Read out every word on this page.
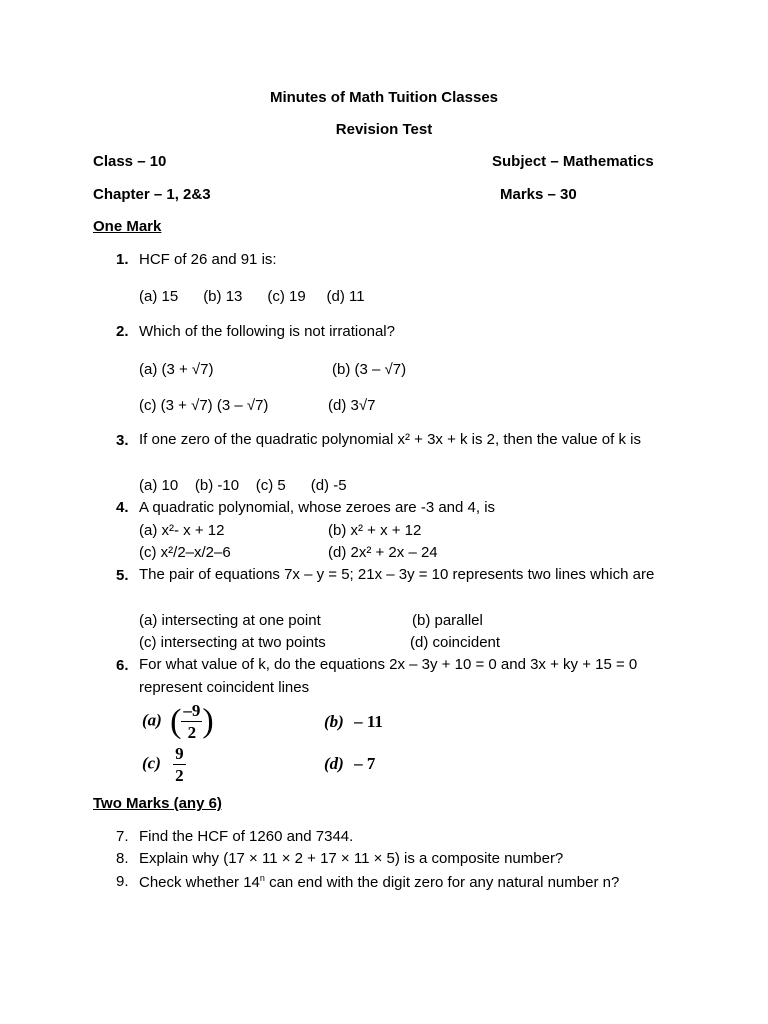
Minutes of Math Tuition Classes
Revision Test
Class – 10	Subject – Mathematics
Chapter – 1, 2&3	Marks – 30
One Mark
1. HCF of 26 and 91 is:
(a) 15      (b) 13      (c) 19     (d) 11
2. Which of the following is not irrational?
(a) (3 + √7)	(b) (3 – √7)
(c) (3 + √7) (3 – √7)	(d) 3√7
3. If one zero of the quadratic polynomial x² + 3x + k is 2, then the value of k is
(a) 10    (b) -10    (c) 5      (d) -5
4. A quadratic polynomial, whose zeroes are -3 and 4, is
(a) x²- x + 12	(b) x² + x + 12
(c) x²/2–x/2–6	(d) 2x² + 2x – 24
5. The pair of equations 7x – y = 5; 21x – 3y = 10 represents two lines which are
(a) intersecting at one point	(b) parallel
(c) intersecting at two points	(d) coincident
6. For what value of k, do the equations 2x – 3y + 10 = 0 and 3x + ky + 15 = 0 represent coincident lines
(a) ( $\frac{-9}{2}$ )	(b) – 11
$(c) \frac{9}{2}$	(d) – 7
Two Marks (any 6)
7. Find the HCF of 1260 and 7344.
8. Explain why (17 × 11 × 2 + 17 × 11 × 5) is a composite number?
9. Check whether 14$^n$ can end with the digit zero for any natural number n?
